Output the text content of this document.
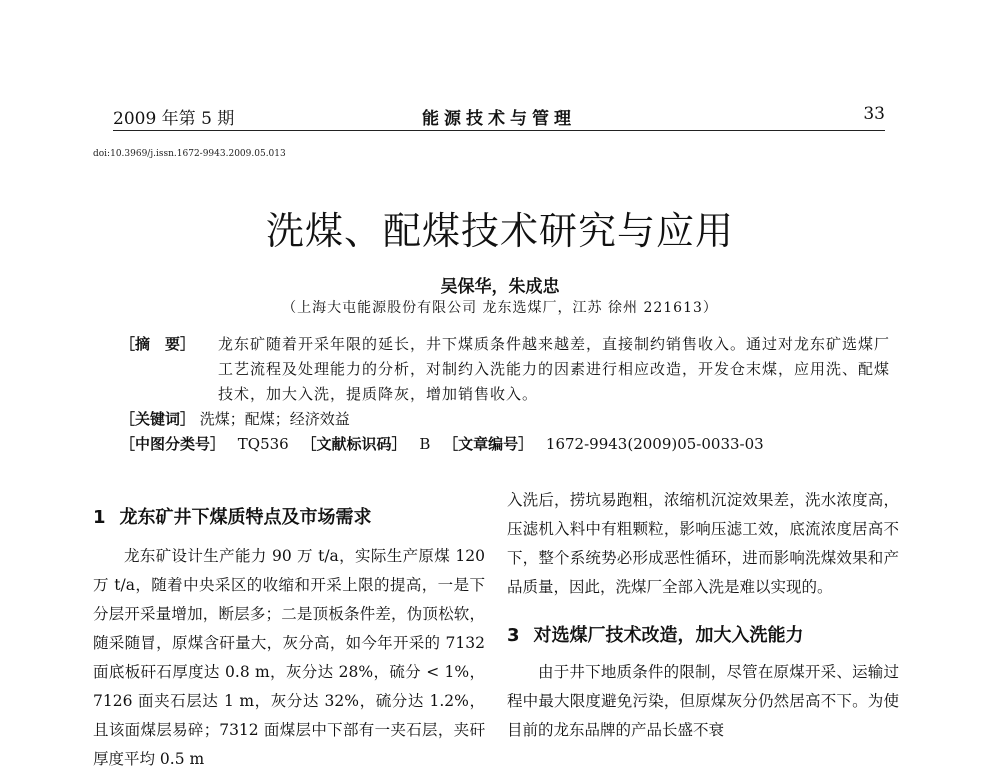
2009 年第 5 期	能源技术与管理	33
doi:10.3969/j.issn.1672-9943.2009.05.013
洗煤、配煤技术研究与应用
吴保华，朱成忠
（上海大屯能源股份有限公司 龙东选煤厂，江苏 徐州 221613）
［摘　要］ 龙东矿随着开采年限的延长，井下煤质条件越来越差，直接制约销售收入。通过对龙东矿选煤厂工艺流程及处理能力的分析，对制约入洗能力的因素进行相应改造，开发仓末煤，应用洗、配煤技术，加大入洗，提质降灰，增加销售收入。
［关键词］ 洗煤；配煤；经济效益
［中图分类号］ TQ536 ［文献标识码］ B ［文章编号］ 1672-9943(2009)05-0033-03
1 龙东矿井下煤质特点及市场需求

龙东矿设计生产能力 90 万 t/a，实际生产原煤 120 万 t/a，随着中央采区的收缩和开采上限的提高，一是下分层开采量增加，断层多；二是顶板条件差，伪顶松软，随采随冒，原煤含矸量大，灰分高，如今年开采的 7132 面底板矸石厚度达 0.8 m，灰分达 28%，硫分 < 1%，7126 面夹石层达 1 m，灰分达 32%，硫分达 1.2%，且该面煤层易碎；7312 面煤层中下部有一夹石层，夹矸厚度平均 0.5 m

入洗后，捞坑易跑粗，浓缩机沉淀效果差，洗水浓度高，压滤机入料中有粗颗粒，影响压滤工效，底流浓度居高不下，整个系统势必形成恶性循环，进而影响洗煤效果和产品质量，因此，洗煤厂全部入洗是难以实现的。

3 对选煤厂技术改造，加大入洗能力

由于井下地质条件的限制，尽管在原煤开采、运输过程中最大限度避免污染，但原煤灰分仍然居高不下。为使目前的龙东品牌的产品长盛不衰
